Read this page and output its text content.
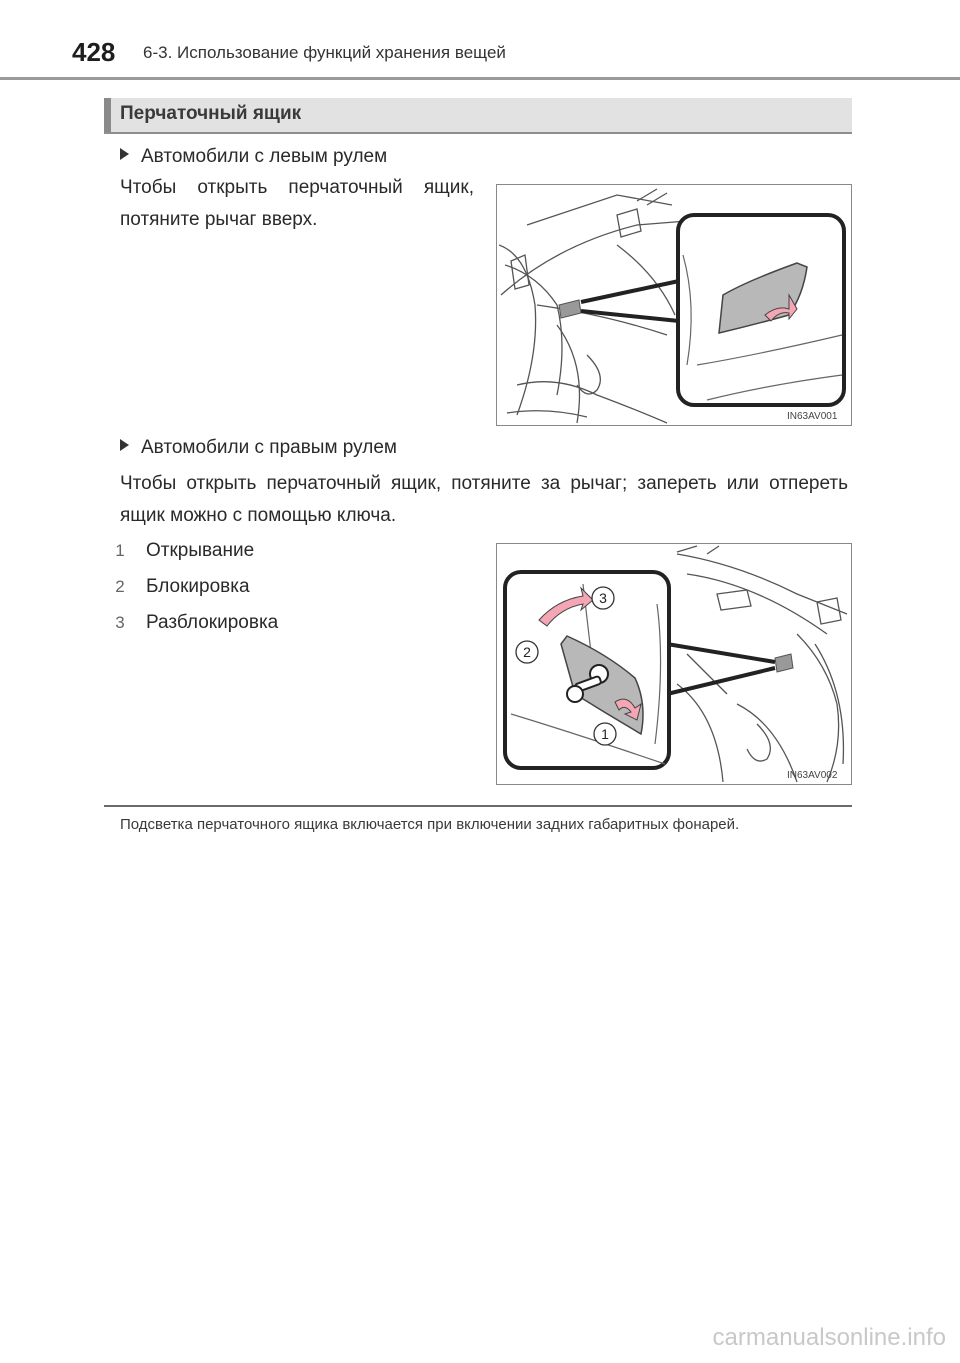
428 6-3. Использование функций хранения вещей
Перчаточный ящик
Автомобили с левым рулем
Чтобы открыть перчаточный ящик, потяните рычаг вверх.
IN63AV001
Автомобили с правым рулем
Чтобы открыть перчаточный ящик, потяните за рычаг; запереть или отпереть ящик можно с помощью ключа.
1 Открывание
2 Блокировка
3 Разблокировка
3
2
1
IN63AV002
Подсветка перчаточного ящика включается при включении задних габаритных фонарей.
carmanualsonline.info
